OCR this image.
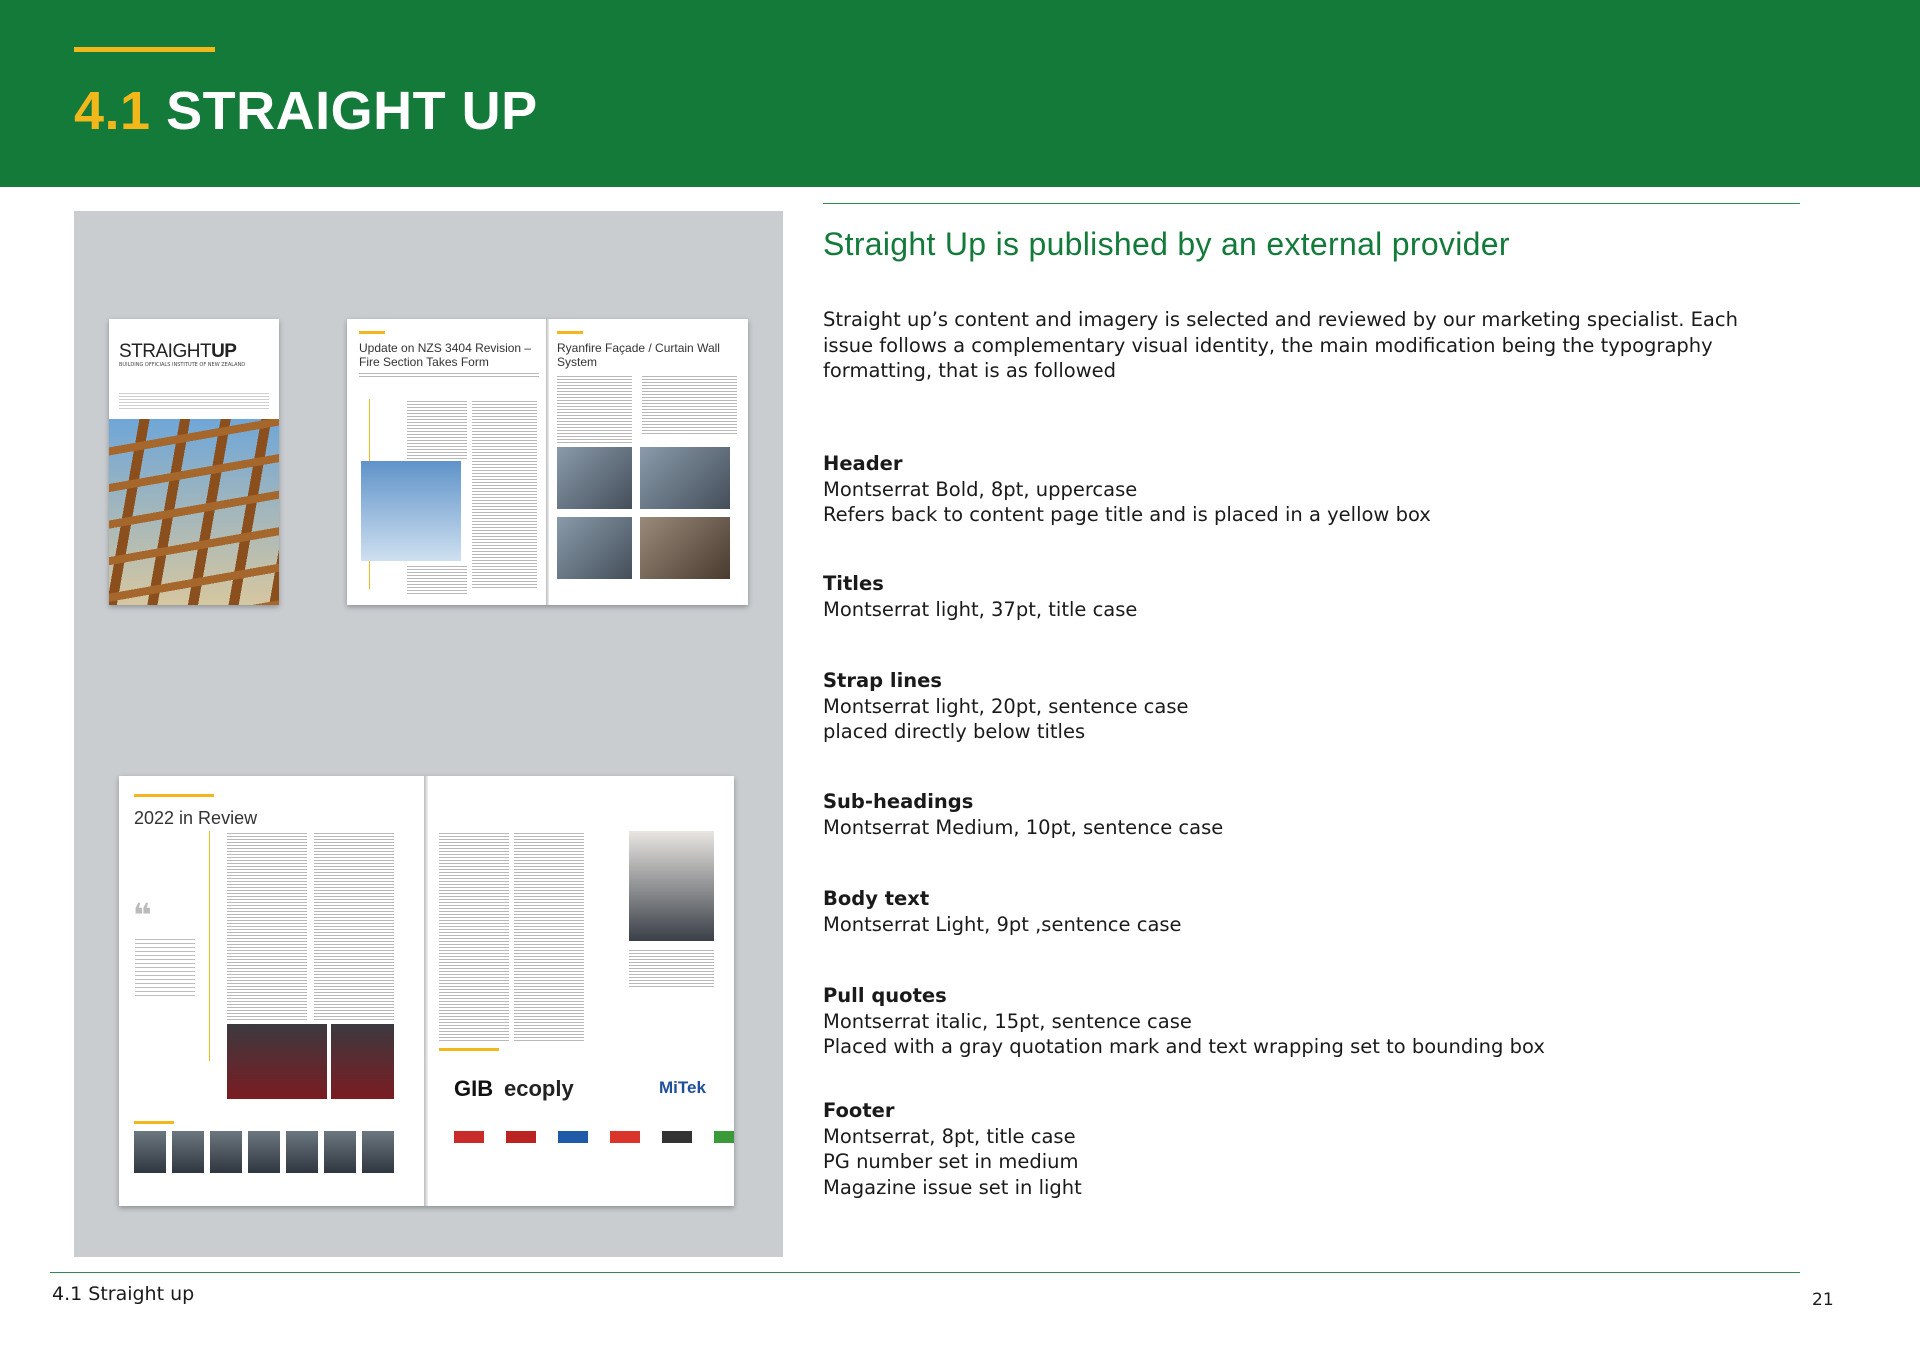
4.1 STRAIGHT UP
STRAIGHTUP
BUILDING OFFICIALS INSTITUTE OF NEW ZEALAND
Update on NZS 3404 Revision – Fire Section Takes Form
Ryanfire Façade / Curtain Wall System
2022 in Review
❝
GIB ecoply	MiTek
Straight Up is published by an external provider
Straight up’s content and imagery is selected and reviewed by our marketing specialist. Each issue follows a complementary visual identity, the main modification being the typography formatting, that is as followed
Header
Montserrat Bold, 8pt, uppercase
Refers back to content page title and is placed in a yellow box
Titles
Montserrat light, 37pt, title case
Strap lines
Montserrat light, 20pt, sentence case
placed directly below titles
Sub-headings
Montserrat Medium, 10pt, sentence case
Body text
Montserrat Light, 9pt ,sentence case
Pull quotes
Montserrat italic, 15pt, sentence case
Placed with a gray quotation mark and text wrapping set to bounding box
Footer
Montserrat, 8pt, title case
PG number set in medium
Magazine issue set in light
4.1 Straight up	21
